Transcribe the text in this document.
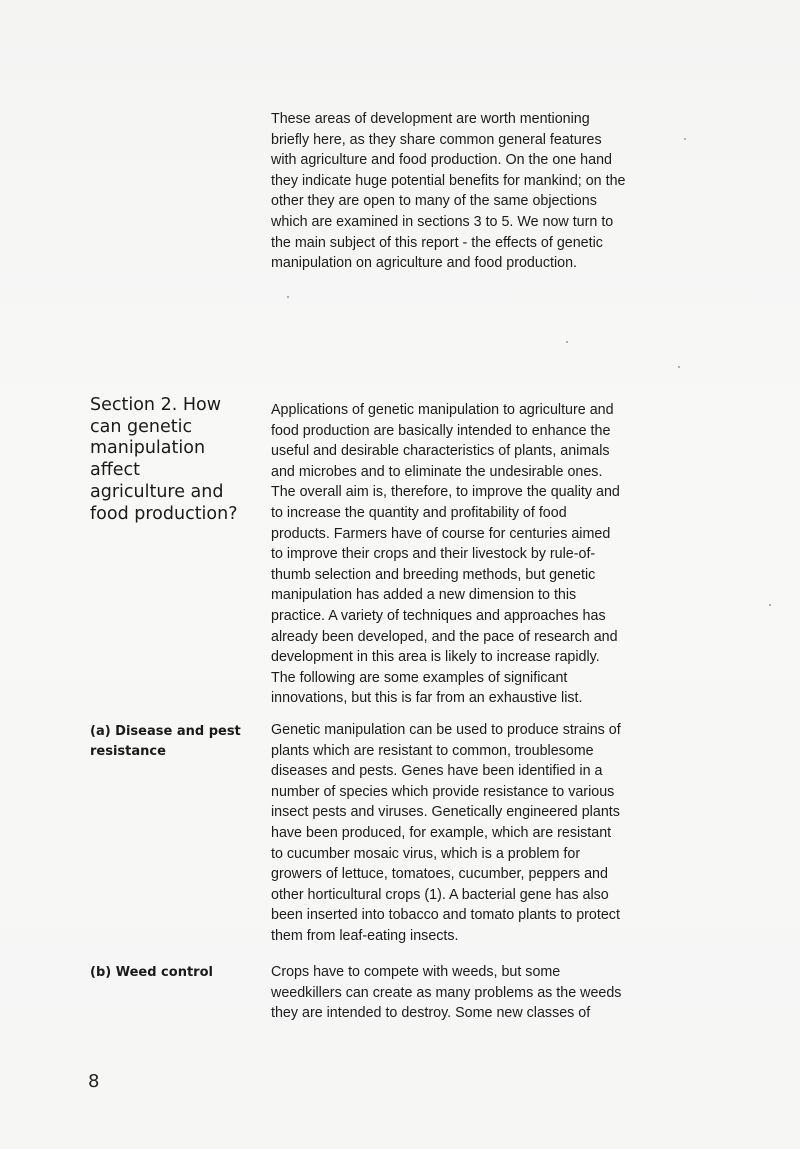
These areas of development are worth mentioning briefly here, as they share common general features with agriculture and food production. On the one hand they indicate huge potential benefits for mankind; on the other they are open to many of the same objections which are examined in sections 3 to 5. We now turn to the main subject of this report - the effects of genetic manipulation on agriculture and food production.

Section 2. How can genetic manipulation affect agriculture and food production?

Applications of genetic manipulation to agriculture and food production are basically intended to enhance the useful and desirable characteristics of plants, animals and microbes and to eliminate the undesirable ones. The overall aim is, therefore, to improve the quality and to increase the quantity and profitability of food products. Farmers have of course for centuries aimed to improve their crops and their livestock by rule-of-thumb selection and breeding methods, but genetic manipulation has added a new dimension to this practice. A variety of techniques and approaches has already been developed, and the pace of research and development in this area is likely to increase rapidly. The following are some examples of significant innovations, but this is far from an exhaustive list.

(a) Disease and pest resistance

Genetic manipulation can be used to produce strains of plants which are resistant to common, troublesome diseases and pests. Genes have been identified in a number of species which provide resistance to various insect pests and viruses. Genetically engineered plants have been produced, for example, which are resistant to cucumber mosaic virus, which is a problem for growers of lettuce, tomatoes, cucumber, peppers and other horticultural crops (1). A bacterial gene has also been inserted into tobacco and tomato plants to protect them from leaf-eating insects.

(b) Weed control	Crops have to compete with weeds, but some weedkillers can create as many problems as the weeds they are intended to destroy. Some new classes of

8
